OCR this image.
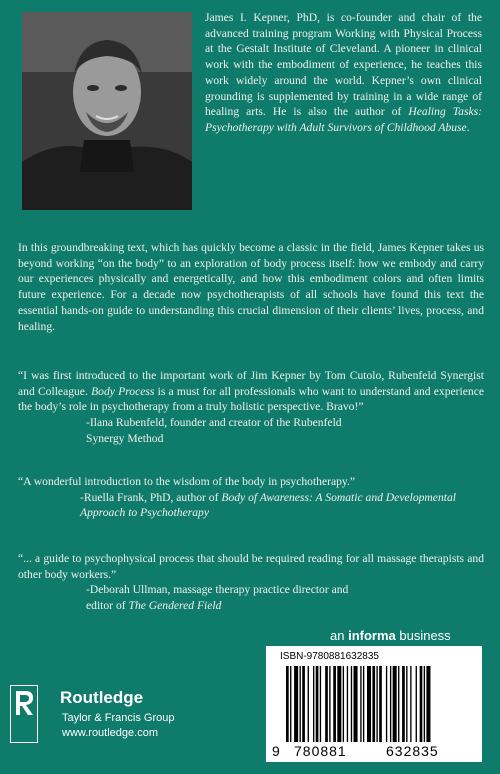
James I. Kepner, PhD, is co-founder and chair of the advanced training program Working with Physical Process at the Gestalt Institute of Cleveland. A pioneer in clinical work with the embodiment of experience, he teaches this work widely around the world. Kepner’s own clinical grounding is supplemented by training in a wide range of healing arts. He is also the author of Healing Tasks: Psychotherapy with Adult Survivors of Childhood Abuse.
In this groundbreaking text, which has quickly become a classic in the field, James Kepner takes us beyond working “on the body” to an exploration of body process itself: how we embody and carry our experiences physically and energetically, and how this embodiment colors and often limits future experience. For a decade now psychotherapists of all schools have found this text the essential hands-on guide to understanding this crucial dimension of their clients’ lives, process, and healing.
“I was first introduced to the important work of Jim Kepner by Tom Cutolo, Rubenfeld Synergist and Colleague. Body Process is a must for all professionals who want to understand and experience the body’s role in psychotherapy from a truly holistic perspective. Bravo!”
-Ilana Rubenfeld, founder and creator of the Rubenfeld
Synergy Method
“A wonderful introduction to the wisdom of the body in psychotherapy.”
-Ruella Frank, PhD, author of Body of Awareness: A Somatic and Developmental Approach to Psychotherapy
“... a guide to psychophysical process that should be required reading for all massage therapists and other body workers.”
-Deborah Ullman, massage therapy practice director and
editor of The Gendered Field
an informa business
Routledge
Taylor & Francis Group
www.routledge.com
ISBN-9780881632835
9 780881	632835
